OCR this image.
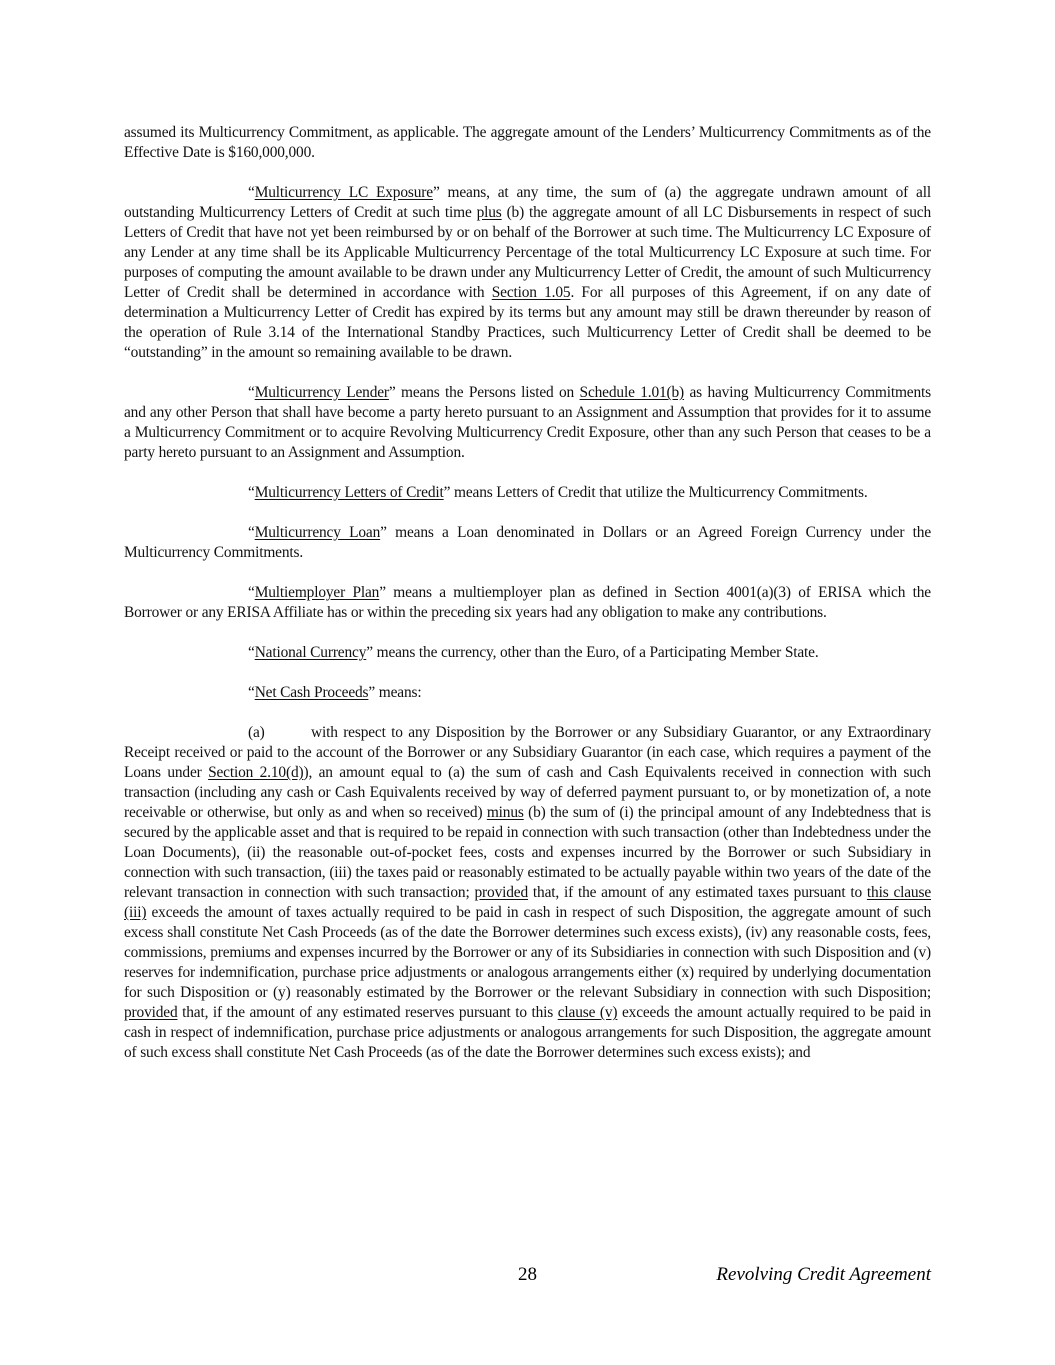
assumed its Multicurrency Commitment, as applicable. The aggregate amount of the Lenders’ Multicurrency Commitments as of the Effective Date is $160,000,000.

“Multicurrency LC Exposure” means, at any time, the sum of (a) the aggregate undrawn amount of all outstanding Multicurrency Letters of Credit at such time plus (b) the aggregate amount of all LC Disbursements in respect of such Letters of Credit that have not yet been reimbursed by or on behalf of the Borrower at such time. The Multicurrency LC Exposure of any Lender at any time shall be its Applicable Multicurrency Percentage of the total Multicurrency LC Exposure at such time. For purposes of computing the amount available to be drawn under any Multicurrency Letter of Credit, the amount of such Multicurrency Letter of Credit shall be determined in accordance with Section 1.05. For all purposes of this Agreement, if on any date of determination a Multicurrency Letter of Credit has expired by its terms but any amount may still be drawn thereunder by reason of the operation of Rule 3.14 of the International Standby Practices, such Multicurrency Letter of Credit shall be deemed to be “outstanding” in the amount so remaining available to be drawn.

“Multicurrency Lender” means the Persons listed on Schedule 1.01(b) as having Multicurrency Commitments and any other Person that shall have become a party hereto pursuant to an Assignment and Assumption that provides for it to assume a Multicurrency Commitment or to acquire Revolving Multicurrency Credit Exposure, other than any such Person that ceases to be a party hereto pursuant to an Assignment and Assumption.

“Multicurrency Letters of Credit” means Letters of Credit that utilize the Multicurrency Commitments.

“Multicurrency Loan” means a Loan denominated in Dollars or an Agreed Foreign Currency under the Multicurrency Commitments.

“Multiemployer Plan” means a multiemployer plan as defined in Section 4001(a)(3) of ERISA which the Borrower or any ERISA Affiliate has or within the preceding six years had any obligation to make any contributions.

“National Currency” means the currency, other than the Euro, of a Participating Member State.

“Net Cash Proceeds” means:

(a)	with respect to any Disposition by the Borrower or any Subsidiary Guarantor, or any Extraordinary Receipt received or paid to the account of the Borrower or any Subsidiary Guarantor (in each case, which requires a payment of the Loans under Section 2.10(d)), an amount equal to (a) the sum of cash and Cash Equivalents received in connection with such transaction (including any cash or Cash Equivalents received by way of deferred payment pursuant to, or by monetization of, a note receivable or otherwise, but only as and when so received) minus (b) the sum of (i) the principal amount of any Indebtedness that is secured by the applicable asset and that is required to be repaid in connection with such transaction (other than Indebtedness under the Loan Documents), (ii) the reasonable out-of-pocket fees, costs and expenses incurred by the Borrower or such Subsidiary in connection with such transaction, (iii) the taxes paid or reasonably estimated to be actually payable within two years of the date of the relevant transaction in connection with such transaction; provided that, if the amount of any estimated taxes pursuant to this clause (iii) exceeds the amount of taxes actually required to be paid in cash in respect of such Disposition, the aggregate amount of such excess shall constitute Net Cash Proceeds (as of the date the Borrower determines such excess exists), (iv) any reasonable costs, fees, commissions, premiums and expenses incurred by the Borrower or any of its Subsidiaries in connection with such Disposition and (v) reserves for indemnification, purchase price adjustments or analogous arrangements either (x) required by underlying documentation for such Disposition or (y) reasonably estimated by the Borrower or the relevant Subsidiary in connection with such Disposition; provided that, if the amount of any estimated reserves pursuant to this clause (v) exceeds the amount actually required to be paid in cash in respect of indemnification, purchase price adjustments or analogous arrangements for such Disposition, the aggregate amount of such excess shall constitute Net Cash Proceeds (as of the date the Borrower determines such excess exists); and

28	Revolving Credit Agreement
